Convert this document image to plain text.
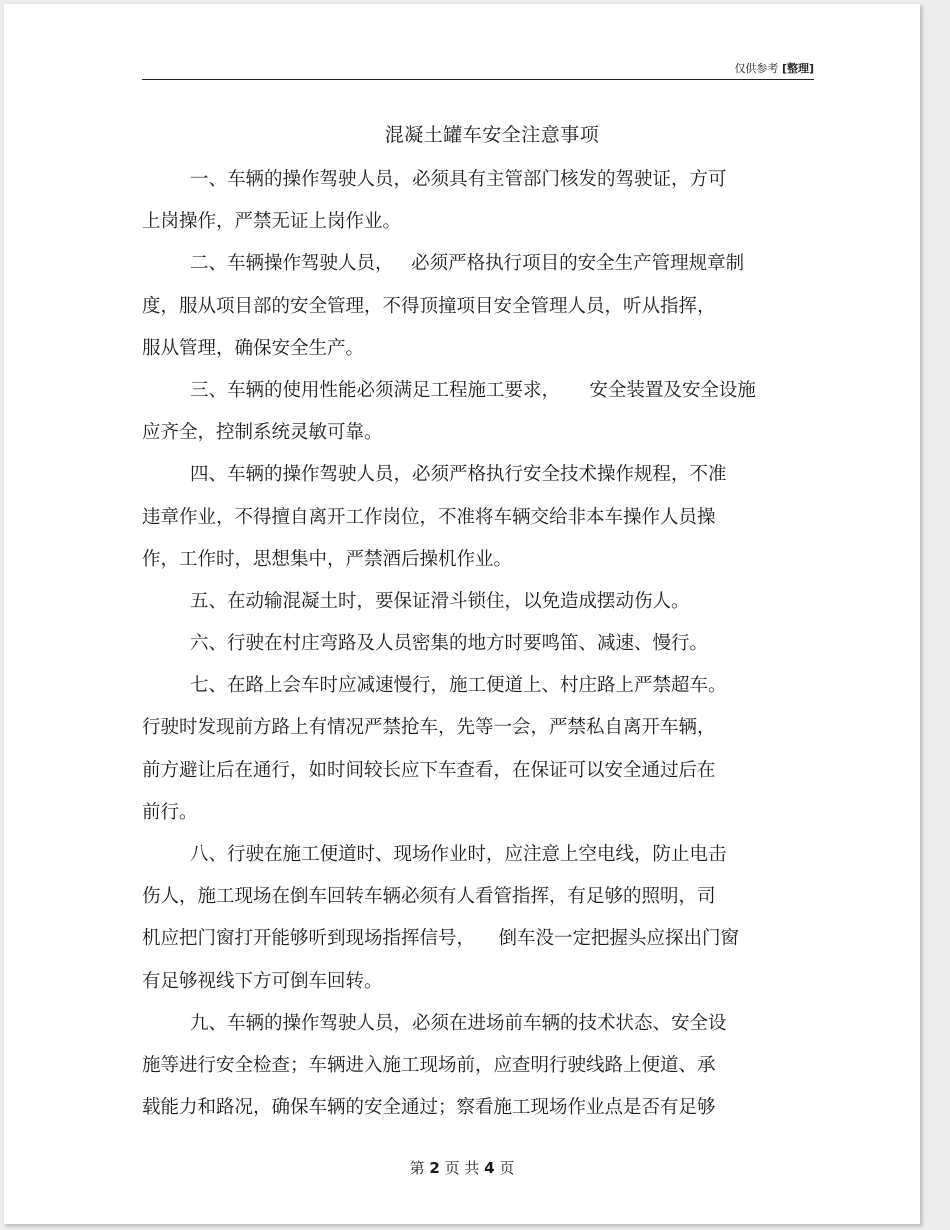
仅供参考 [整理]
混凝土罐车安全注意事项
一、车辆的操作驾驶人员，必须具有主管部门核发的驾驶证，方可
上岗操作，严禁无证上岗作业。
二、车辆操作驾驶人员，   必须严格执行项目的安全生产管理规章制
度，服从项目部的安全管理，不得顶撞项目安全管理人员，听从指挥，
服从管理，确保安全生产。
三、车辆的使用性能必须满足工程施工要求，     安全装置及安全设施
应齐全，控制系统灵敏可靠。
四、车辆的操作驾驶人员，必须严格执行安全技术操作规程，不准
违章作业，不得擅自离开工作岗位，不准将车辆交给非本车操作人员操
作，工作时，思想集中，严禁酒后操机作业。
五、在动输混凝土时，要保证滑斗锁住，以免造成摆动伤人。
六、行驶在村庄弯路及人员密集的地方时要鸣笛、减速、慢行。
七、在路上会车时应减速慢行，施工便道上、村庄路上严禁超车。
行驶时发现前方路上有情况严禁抢车，先等一会，严禁私自离开车辆，
前方避让后在通行，如时间较长应下车查看，在保证可以安全通过后在
前行。
八、行驶在施工便道时、现场作业时，应注意上空电线，防止电击
伤人，施工现场在倒车回转车辆必须有人看管指挥，有足够的照明，司
机应把门窗打开能够听到现场指挥信号，    倒车没一定把握头应探出门窗
有足够视线下方可倒车回转。
九、车辆的操作驾驶人员，必须在进场前车辆的技术状态、安全设
施等进行安全检查；车辆进入施工现场前，应查明行驶线路上便道、承
载能力和路况，确保车辆的安全通过；察看施工现场作业点是否有足够
第 2 页 共 4 页
